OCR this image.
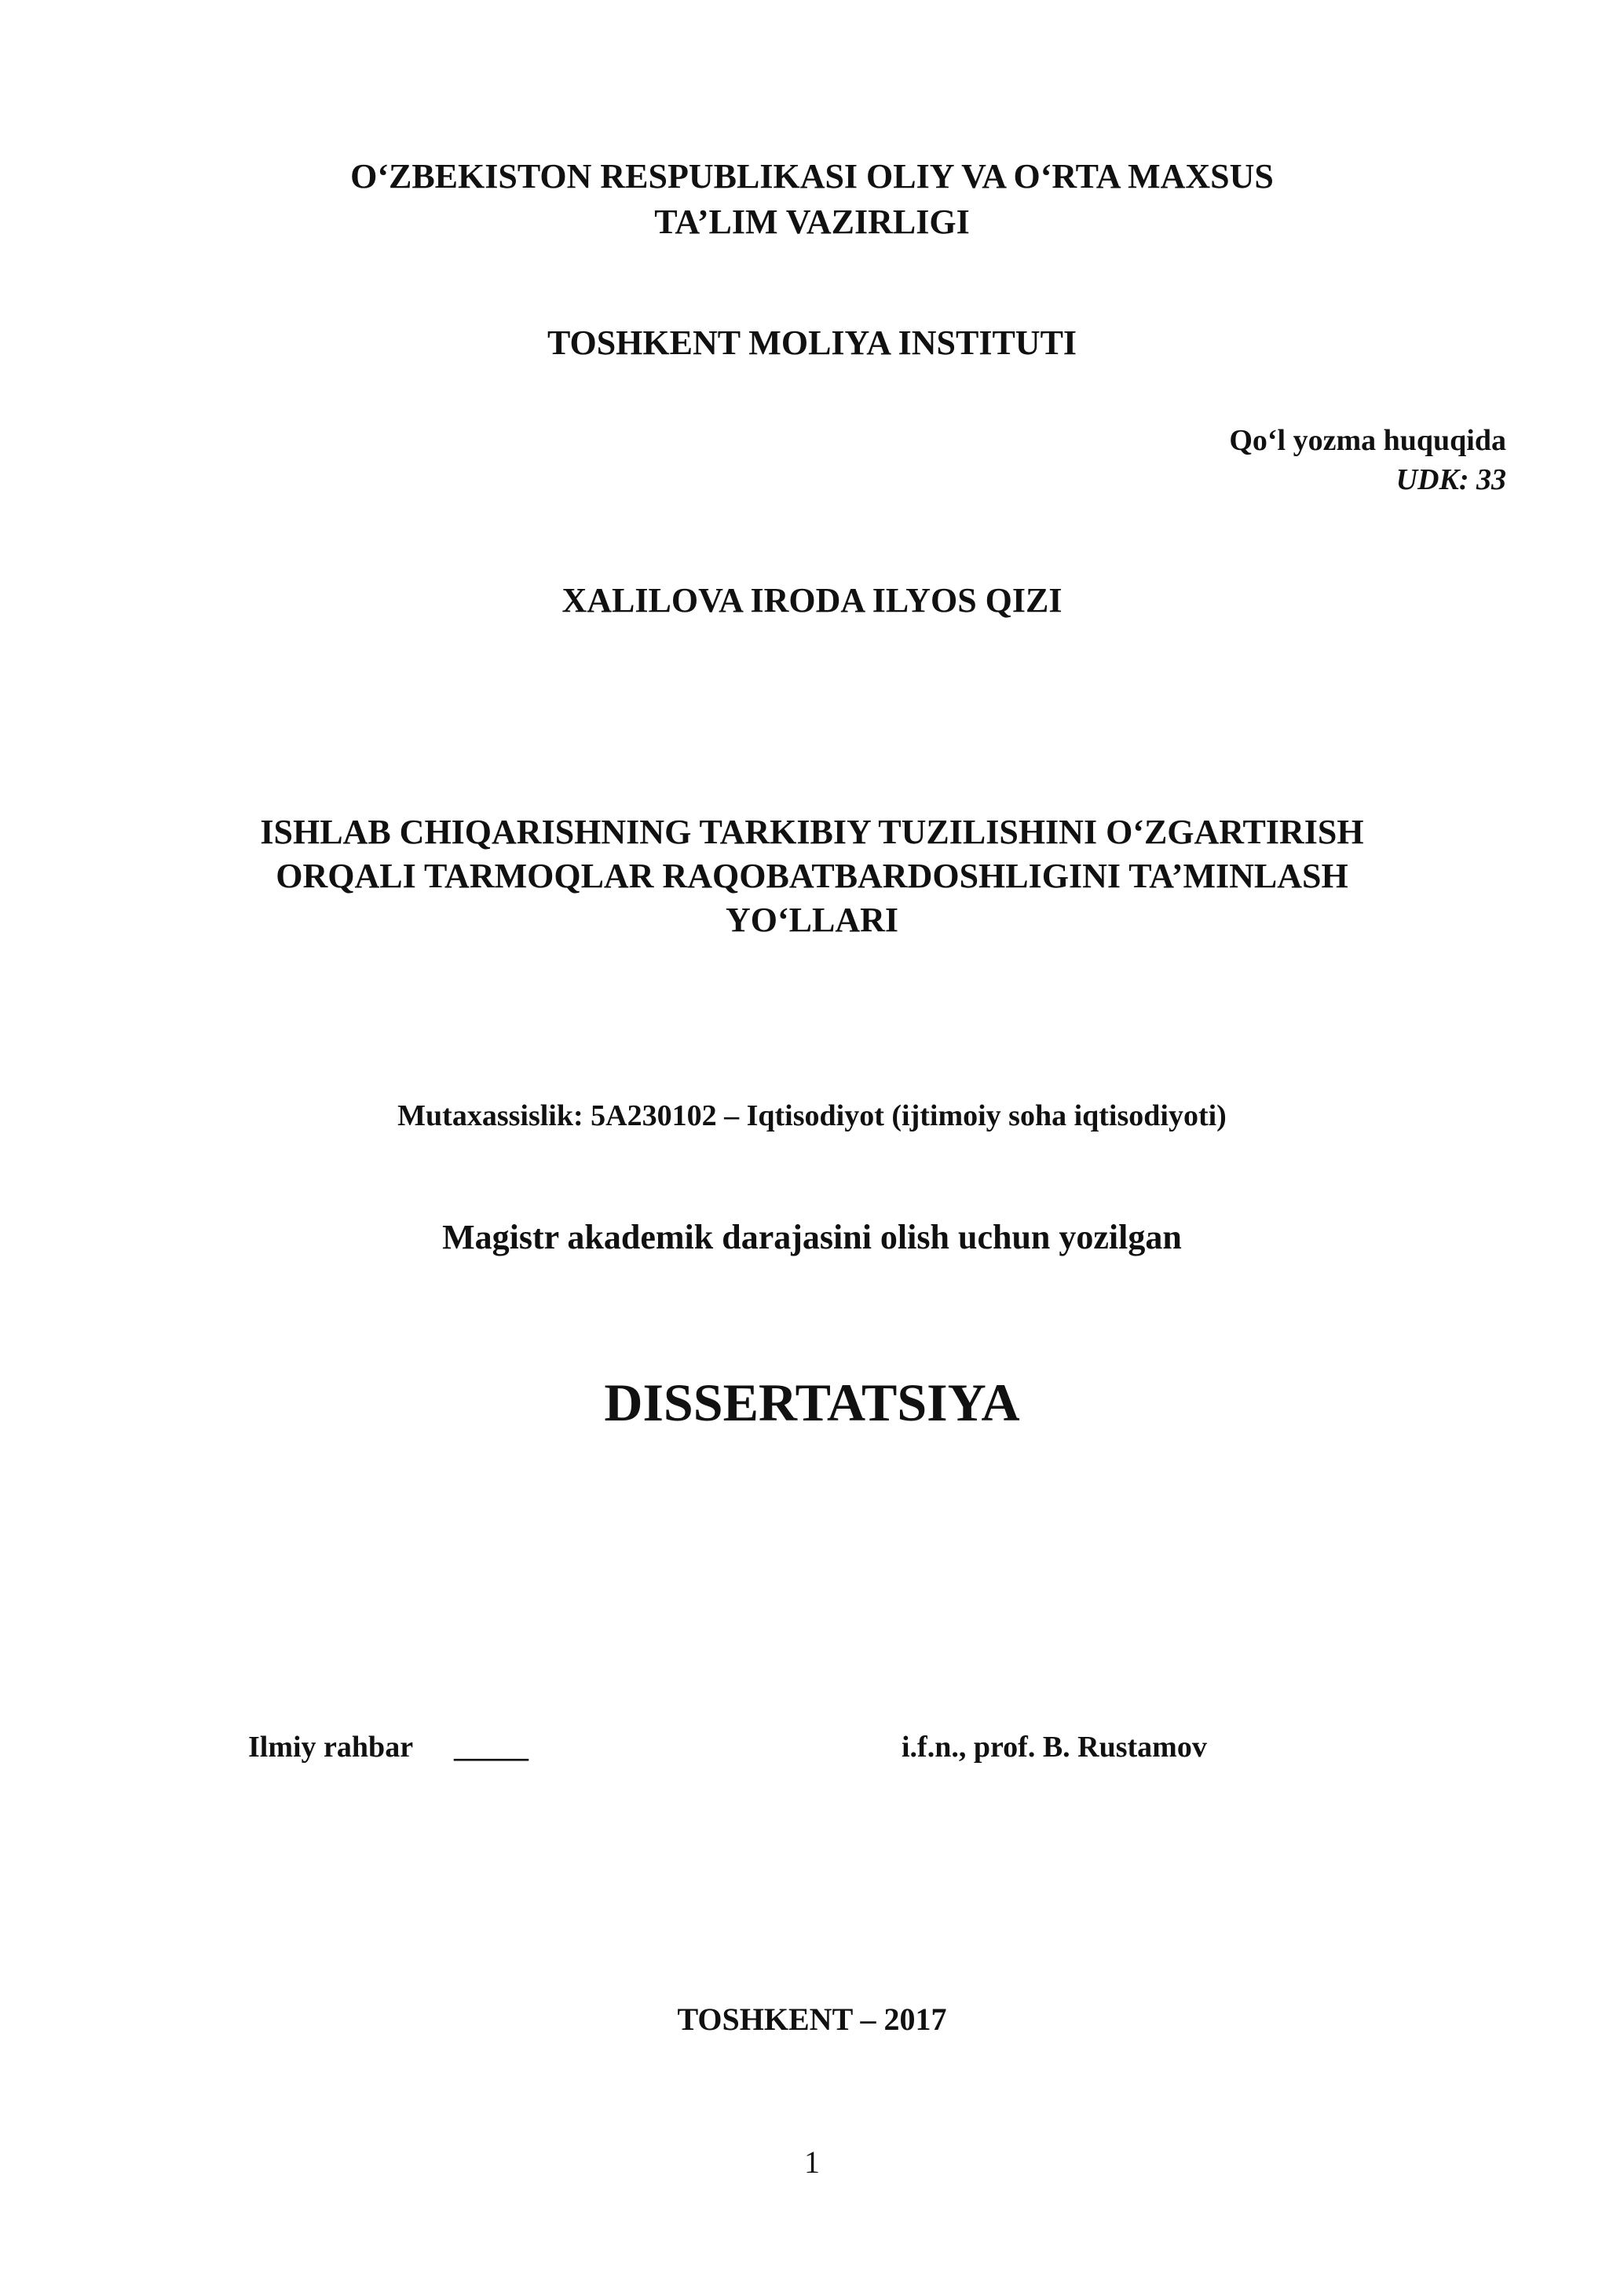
O‘ZBEKISTON RESPUBLIKASI OLIY VA O‘RTA MAXSUS
TA’LIM VAZIRLIGI
TOSHKENT MOLIYA INSTITUTI
Qo‘l yozma huquqida
UDK: 33
XALILOVA IRODA ILYOS QIZI
ISHLAB CHIQARISHNING TARKIBIY TUZILISHINI O‘ZGARTIRISH
ORQALI TARMOQLAR RAQOBATBARDOSHLIGINI TA’MINLASH
YO‘LLARI
Mutaxassislik: 5A230102 – Iqtisodiyot (ijtimoiy soha iqtisodiyoti)
Magistr akademik darajasini olish uchun yozilgan
DISSERTATSIYA
Ilmiy rahbar _____	i.f.n., prof. B. Rustamov
TOSHKENT – 2017
1
